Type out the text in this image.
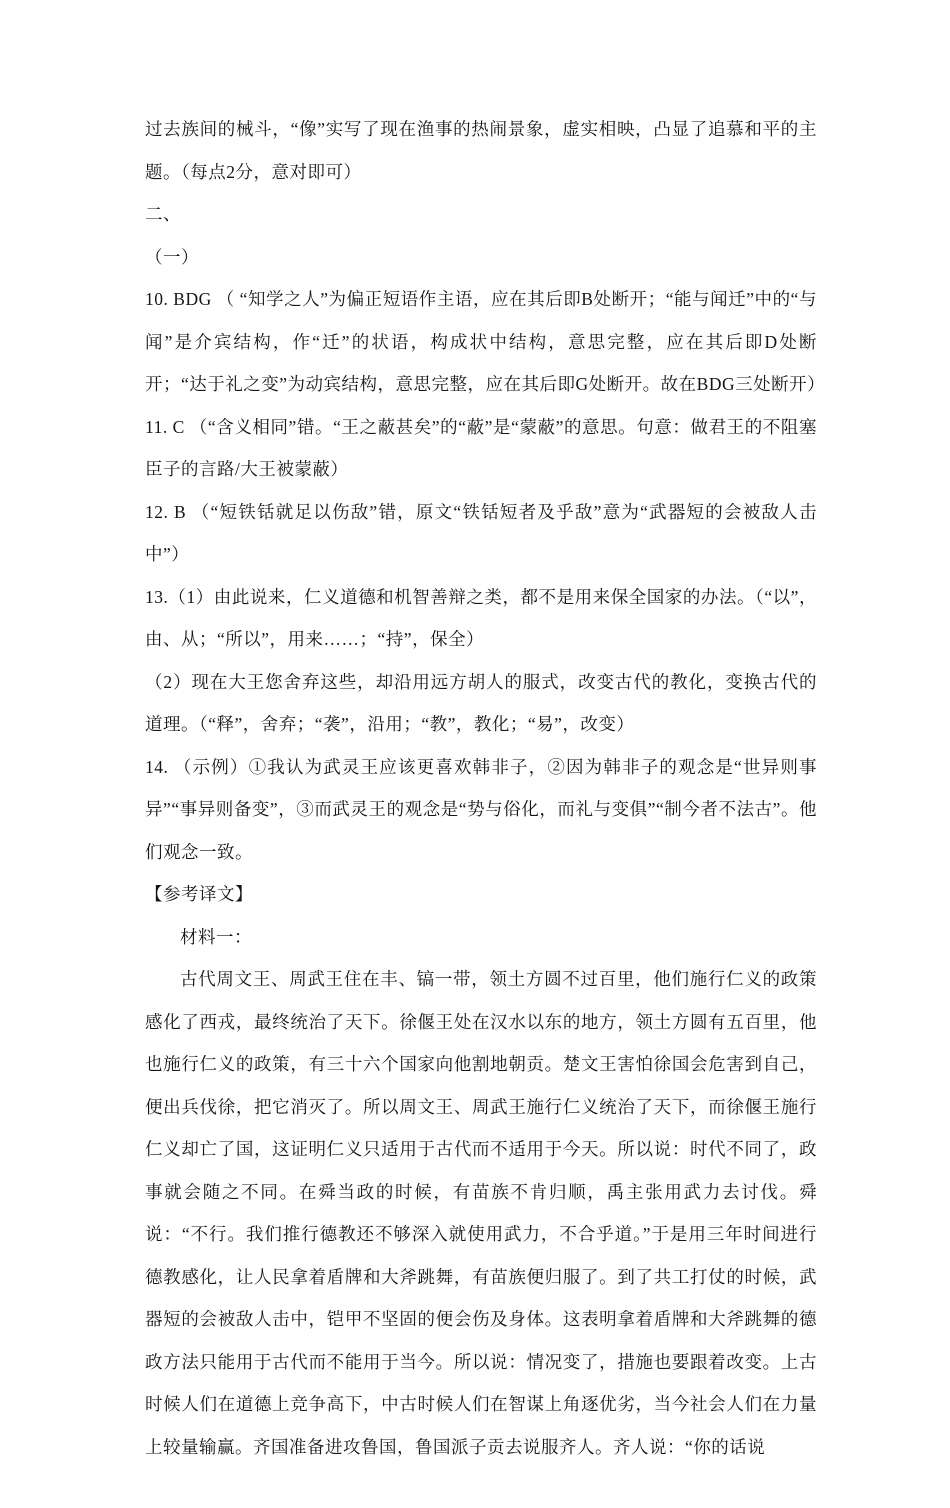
过去族间的械斗，“像”实写了现在渔事的热闹景象，虚实相映，凸显了追慕和平的主题。（每点2分，意对即可）

二、

（一）

10. BDG （ “知学之人”为偏正短语作主语，应在其后即B处断开；“能与闻迁”中的“与闻”是介宾结构，作“迁”的状语，构成状中结构，意思完整，应在其后即D处断开；“达于礼之变”为动宾结构，意思完整，应在其后即G处断开。故在BDG三处断开）

11. C （“含义相同”错。“王之蔽甚矣”的“蔽”是“蒙蔽”的意思。句意：做君王的不阻塞臣子的言路/大王被蒙蔽）

12. B （“短铁铦就足以伤敌”错，原文“铁铦短者及乎敌”意为“武器短的会被敌人击中”）

13.（1）由此说来，仁义道德和机智善辩之类，都不是用来保全国家的办法。（“以”，由、从；“所以”，用来……；“持”，保全）

（2）现在大王您舍弃这些，却沿用远方胡人的服式，改变古代的教化，变换古代的道理。（“释”，舍弃；“袭”，沿用；“教”，教化；“易”，改变）

14. （示例）①我认为武灵王应该更喜欢韩非子，②因为韩非子的观念是“世异则事异”“事异则备变”，③而武灵王的观念是“势与俗化，而礼与变俱”“制今者不法古”。他们观念一致。

【参考译文】

材料一：

古代周文王、周武王住在丰、镐一带，领土方圆不过百里，他们施行仁义的政策感化了西戎，最终统治了天下。徐偃王处在汉水以东的地方，领土方圆有五百里，他也施行仁义的政策，有三十六个国家向他割地朝贡。楚文王害怕徐国会危害到自己，便出兵伐徐，把它消灭了。所以周文王、周武王施行仁义统治了天下，而徐偃王施行仁义却亡了国，这证明仁义只适用于古代而不适用于今天。所以说：时代不同了，政事就会随之不同。在舜当政的时候，有苗族不肯归顺，禹主张用武力去讨伐。舜说：“不行。我们推行德教还不够深入就使用武力，不合乎道。”于是用三年时间进行德教感化，让人民拿着盾牌和大斧跳舞，有苗族便归服了。到了共工打仗的时候，武器短的会被敌人击中，铠甲不坚固的便会伤及身体。这表明拿着盾牌和大斧跳舞的德政方法只能用于古代而不能用于当今。所以说：情况变了，措施也要跟着改变。上古时候人们在道德上竞争高下，中古时候人们在智谋上角逐优劣，当今社会人们在力量上较量输赢。齐国准备进攻鲁国，鲁国派子贡去说服齐人。齐人说：“你的话说
